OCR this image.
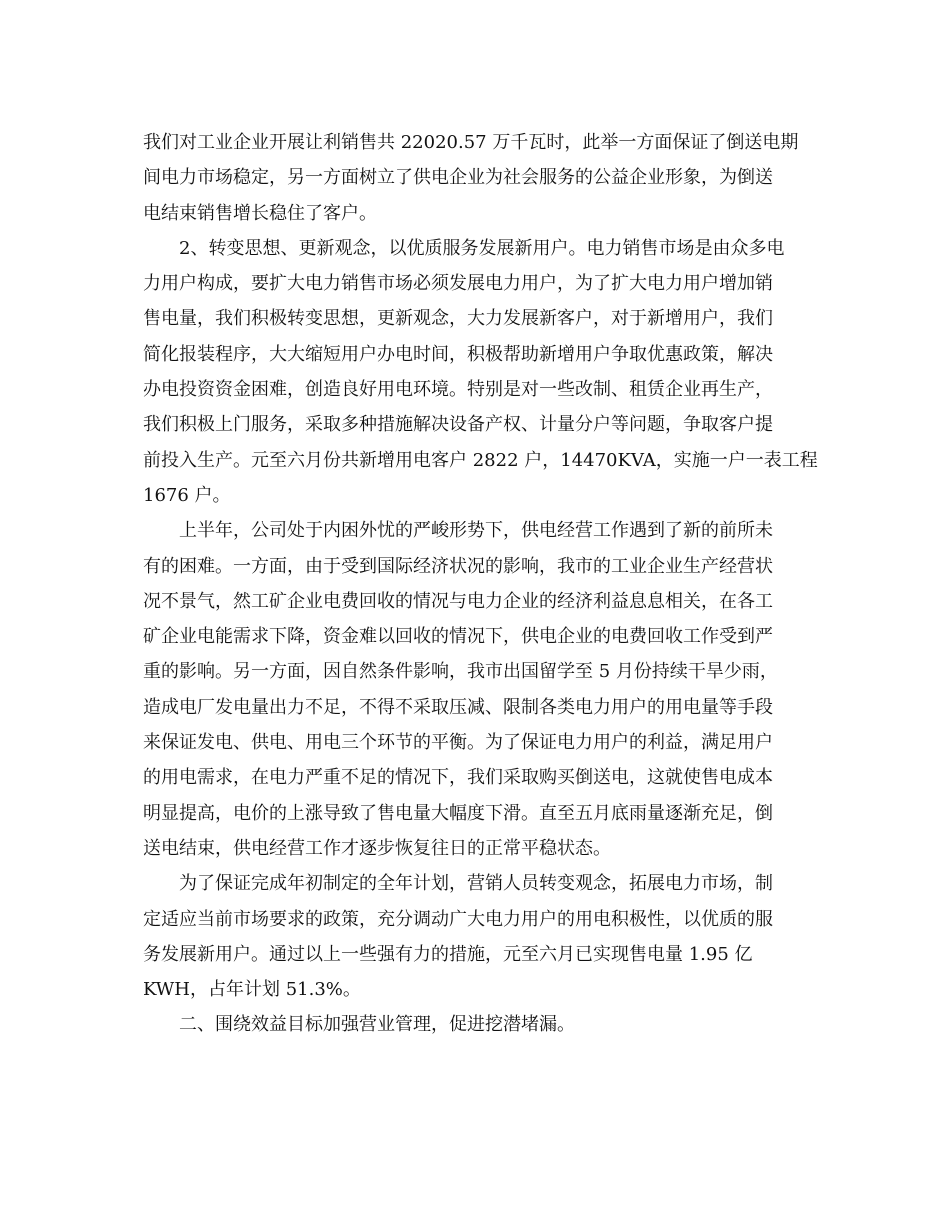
我们对工业企业开展让利销售共 22020.57 万千瓦时，此举一方面保证了倒送电期
间电力市场稳定，另一方面树立了供电企业为社会服务的公益企业形象，为倒送
电结束销售增长稳住了客户。
2、转变思想、更新观念，以优质服务发展新用户。电力销售市场是由众多电
力用户构成，要扩大电力销售市场必须发展电力用户，为了扩大电力用户增加销
售电量，我们积极转变思想，更新观念，大力发展新客户，对于新增用户，我们
简化报装程序，大大缩短用户办电时间，积极帮助新增用户争取优惠政策，解决
办电投资资金困难，创造良好用电环境。特别是对一些改制、租赁企业再生产，
我们积极上门服务，采取多种措施解决设备产权、计量分户等问题，争取客户提
前投入生产。元至六月份共新增用电客户 2822 户，14470KVA，实施一户一表工程
1676 户。
上半年，公司处于内困外忧的严峻形势下，供电经营工作遇到了新的前所未
有的困难。一方面，由于受到国际经济状况的影响，我市的工业企业生产经营状
况不景气，然工矿企业电费回收的情况与电力企业的经济利益息息相关，在各工
矿企业电能需求下降，资金难以回收的情况下，供电企业的电费回收工作受到严
重的影响。另一方面，因自然条件影响，我市出国留学至 5 月份持续干旱少雨，
造成电厂发电量出力不足，不得不采取压减、限制各类电力用户的用电量等手段
来保证发电、供电、用电三个环节的平衡。为了保证电力用户的利益，满足用户
的用电需求，在电力严重不足的情况下，我们采取购买倒送电，这就使售电成本
明显提高，电价的上涨导致了售电量大幅度下滑。直至五月底雨量逐渐充足，倒
送电结束，供电经营工作才逐步恢复往日的正常平稳状态。
为了保证完成年初制定的全年计划，营销人员转变观念，拓展电力市场，制
定适应当前市场要求的政策，充分调动广大电力用户的用电积极性，以优质的服
务发展新用户。通过以上一些强有力的措施，元至六月已实现售电量 1.95 亿
KWH，占年计划 51.3%。
二、围绕效益目标加强营业管理，促进挖潜堵漏。
